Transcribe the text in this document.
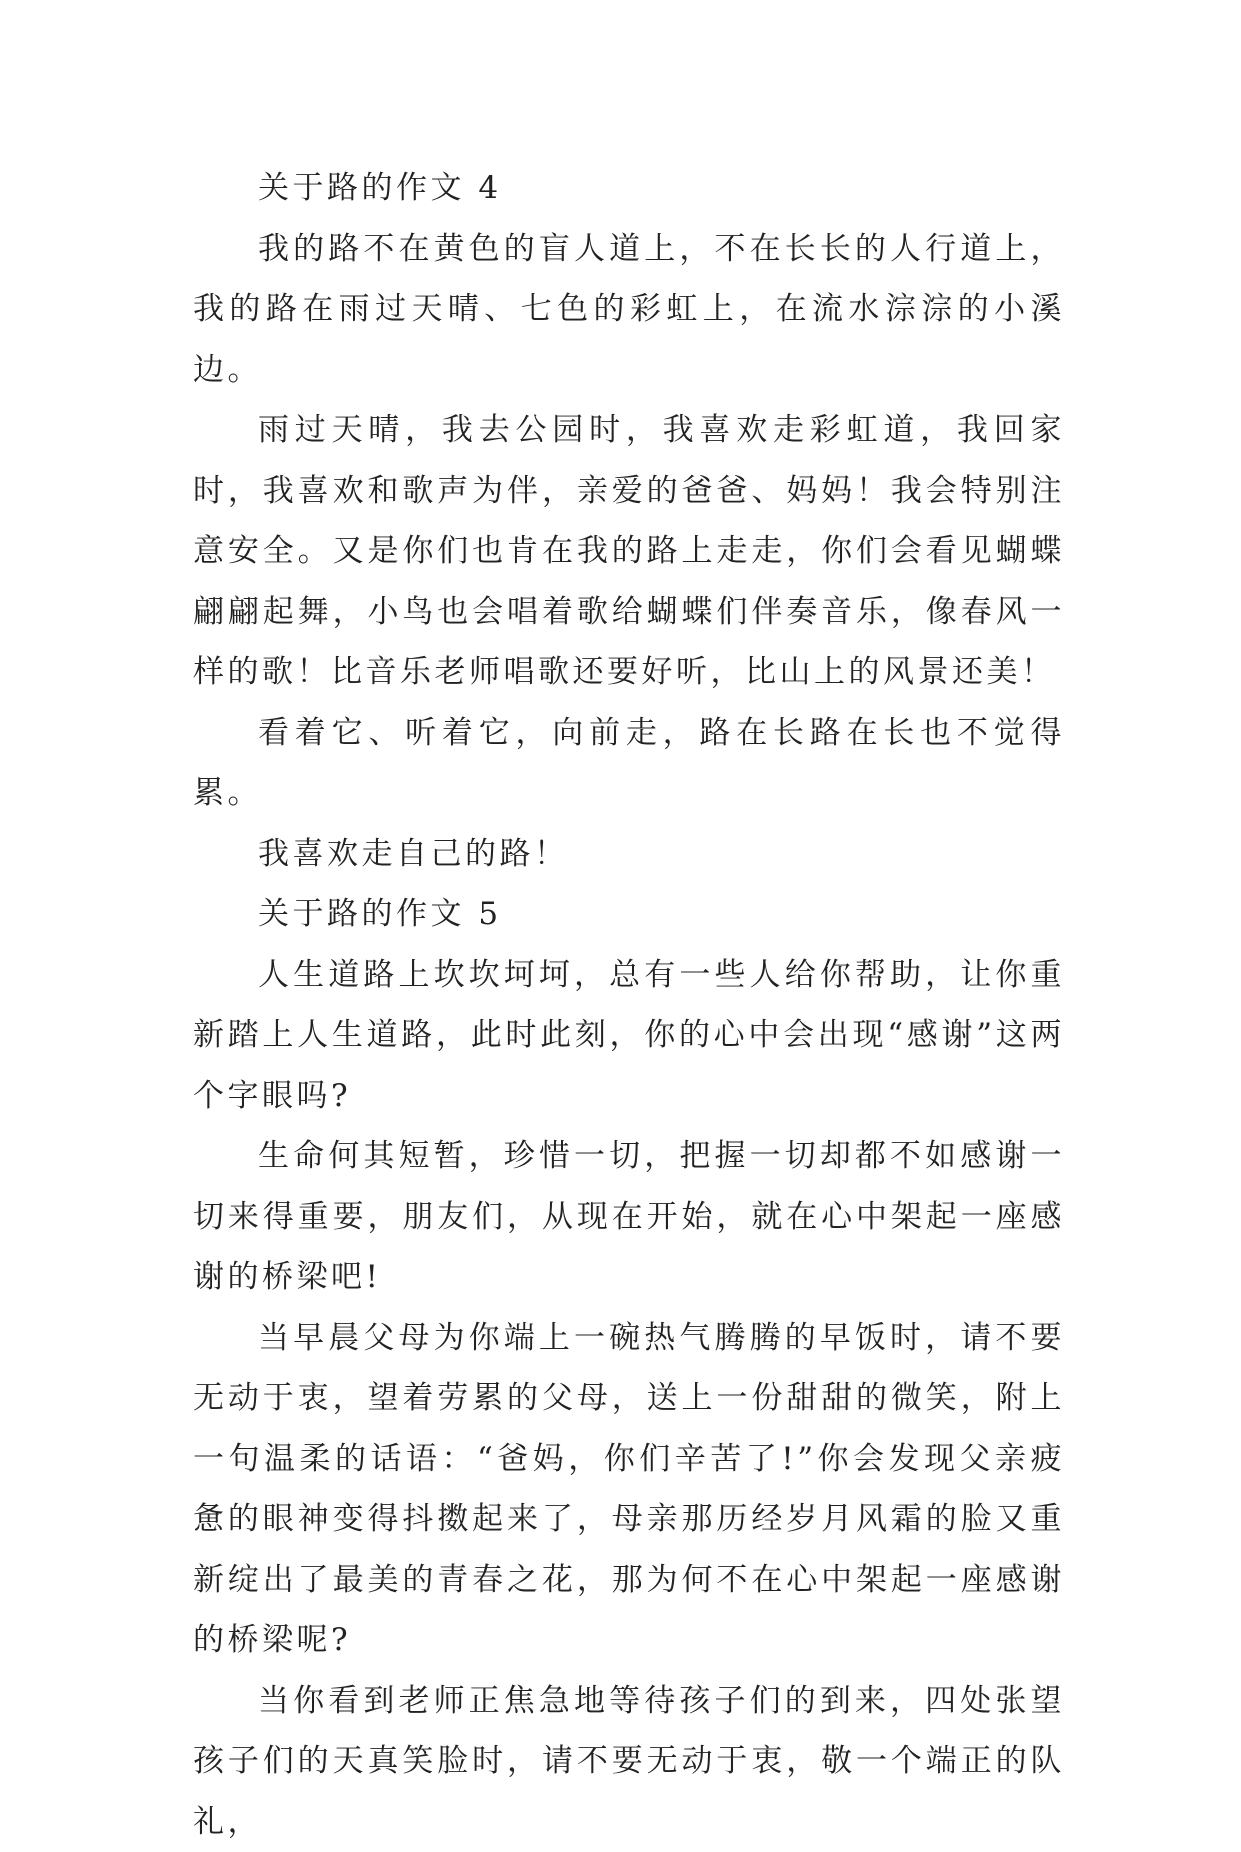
关于路的作文 4

我的路不在黄色的盲人道上，不在长长的人行道上，我的路在雨过天晴、七色的彩虹上，在流水淙淙的小溪边。

雨过天晴，我去公园时，我喜欢走彩虹道，我回家时，我喜欢和歌声为伴，亲爱的爸爸、妈妈！我会特别注意安全。又是你们也肯在我的路上走走，你们会看见蝴蝶翩翩起舞，小鸟也会唱着歌给蝴蝶们伴奏音乐，像春风一样的歌！比音乐老师唱歌还要好听，比山上的风景还美！

看着它、听着它，向前走，路在长路在长也不觉得累。

我喜欢走自己的路！

关于路的作文 5

人生道路上坎坎坷坷，总有一些人给你帮助，让你重新踏上人生道路，此时此刻，你的心中会出现“感谢”这两个字眼吗?

生命何其短暂，珍惜一切，把握一切却都不如感谢一切来得重要，朋友们，从现在开始，就在心中架起一座感谢的桥梁吧!

当早晨父母为你端上一碗热气腾腾的早饭时，请不要无动于衷，望着劳累的父母，送上一份甜甜的微笑，附上一句温柔的话语：“爸妈，你们辛苦了!”你会发现父亲疲惫的眼神变得抖擞起来了，母亲那历经岁月风霜的脸又重新绽出了最美的青春之花，那为何不在心中架起一座感谢的桥梁呢?

当你看到老师正焦急地等待孩子们的到来，四处张望孩子们的天真笑脸时，请不要无动于衷，敬一个端正的队礼，
